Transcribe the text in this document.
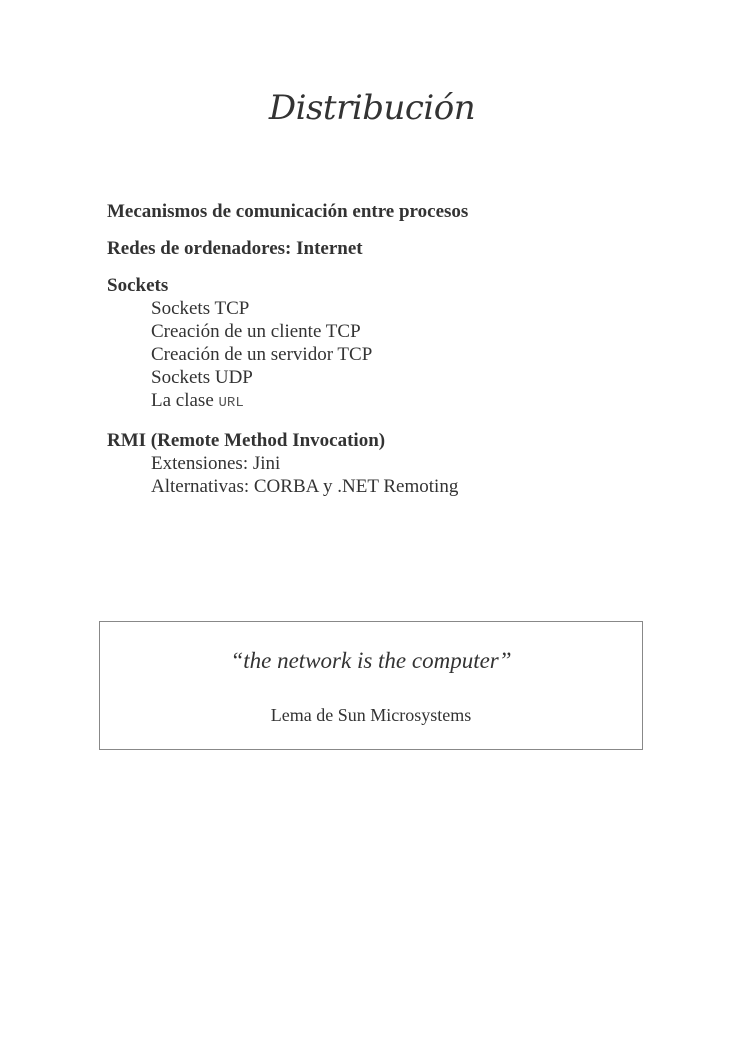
Distribución
Mecanismos de comunicación entre procesos
Redes de ordenadores: Internet
Sockets
Sockets TCP
Creación de un cliente TCP
Creación de un servidor TCP
Sockets UDP
La clase URL
RMI (Remote Method Invocation)
Extensiones: Jini
Alternativas: CORBA y .NET Remoting
“the network is the computer”
Lema de Sun Microsystems
